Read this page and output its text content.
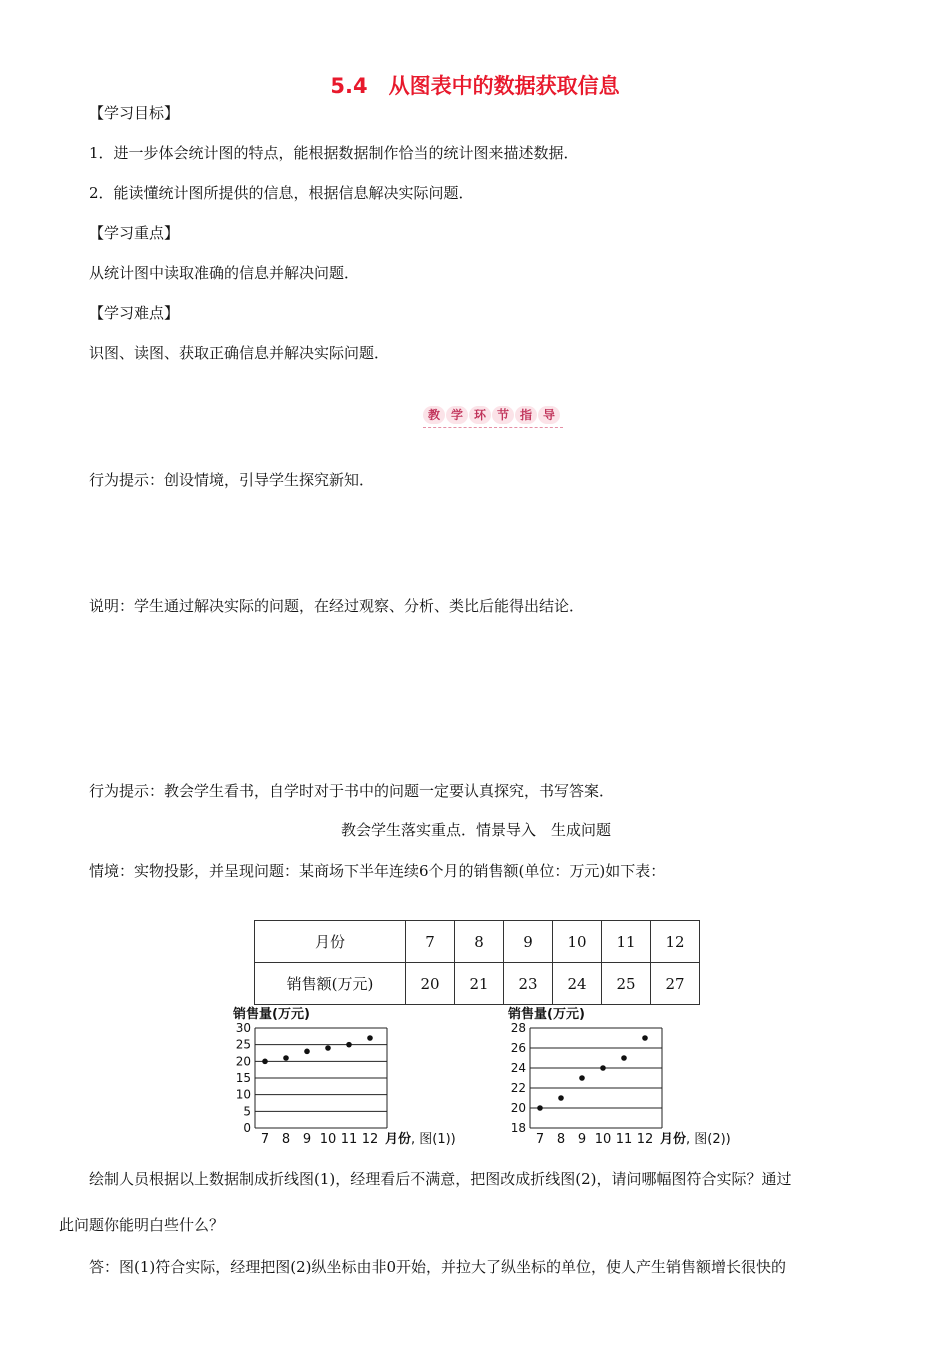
5.4　从图表中的数据获取信息
【学习目标】
1．进一步体会统计图的特点，能根据数据制作恰当的统计图来描述数据．
2．能读懂统计图所提供的信息，根据信息解决实际问题．
【学习重点】
从统计图中读取准确的信息并解决问题．
【学习难点】
识图、读图、获取正确信息并解决实际问题．
教 学 环 节 指 导
行为提示：创设情境，引导学生探究新知．
说明：学生通过解决实际的问题，在经过观察、分析、类比后能得出结论．
行为提示：教会学生看书，自学时对于书中的问题一定要认真探究，书写答案．
教会学生落实重点．情景导入　生成问题
情境：实物投影，并呈现问题：某商场下半年连续6个月的销售额(单位：万元)如下表：
月份	7	8	9	10	11	12
销售额(万元)	20	21	23	24	25	27
销售量(万元)
0
5
10
15
20
25
30
7 8 9 10 11 12 月份 , 图(1))
销售量(万元)
18
20
22
24
26
28
7 8 9 10 11 12 月份 , 图(2))
绘制人员根据以上数据制成折线图(1)，经理看后不满意，把图改成折线图(2)，请问哪幅图符合实际？通过
此问题你能明白些什么？
答：图(1)符合实际，经理把图(2)纵坐标由非0开始，并拉大了纵坐标的单位，使人产生销售额增长很快的
